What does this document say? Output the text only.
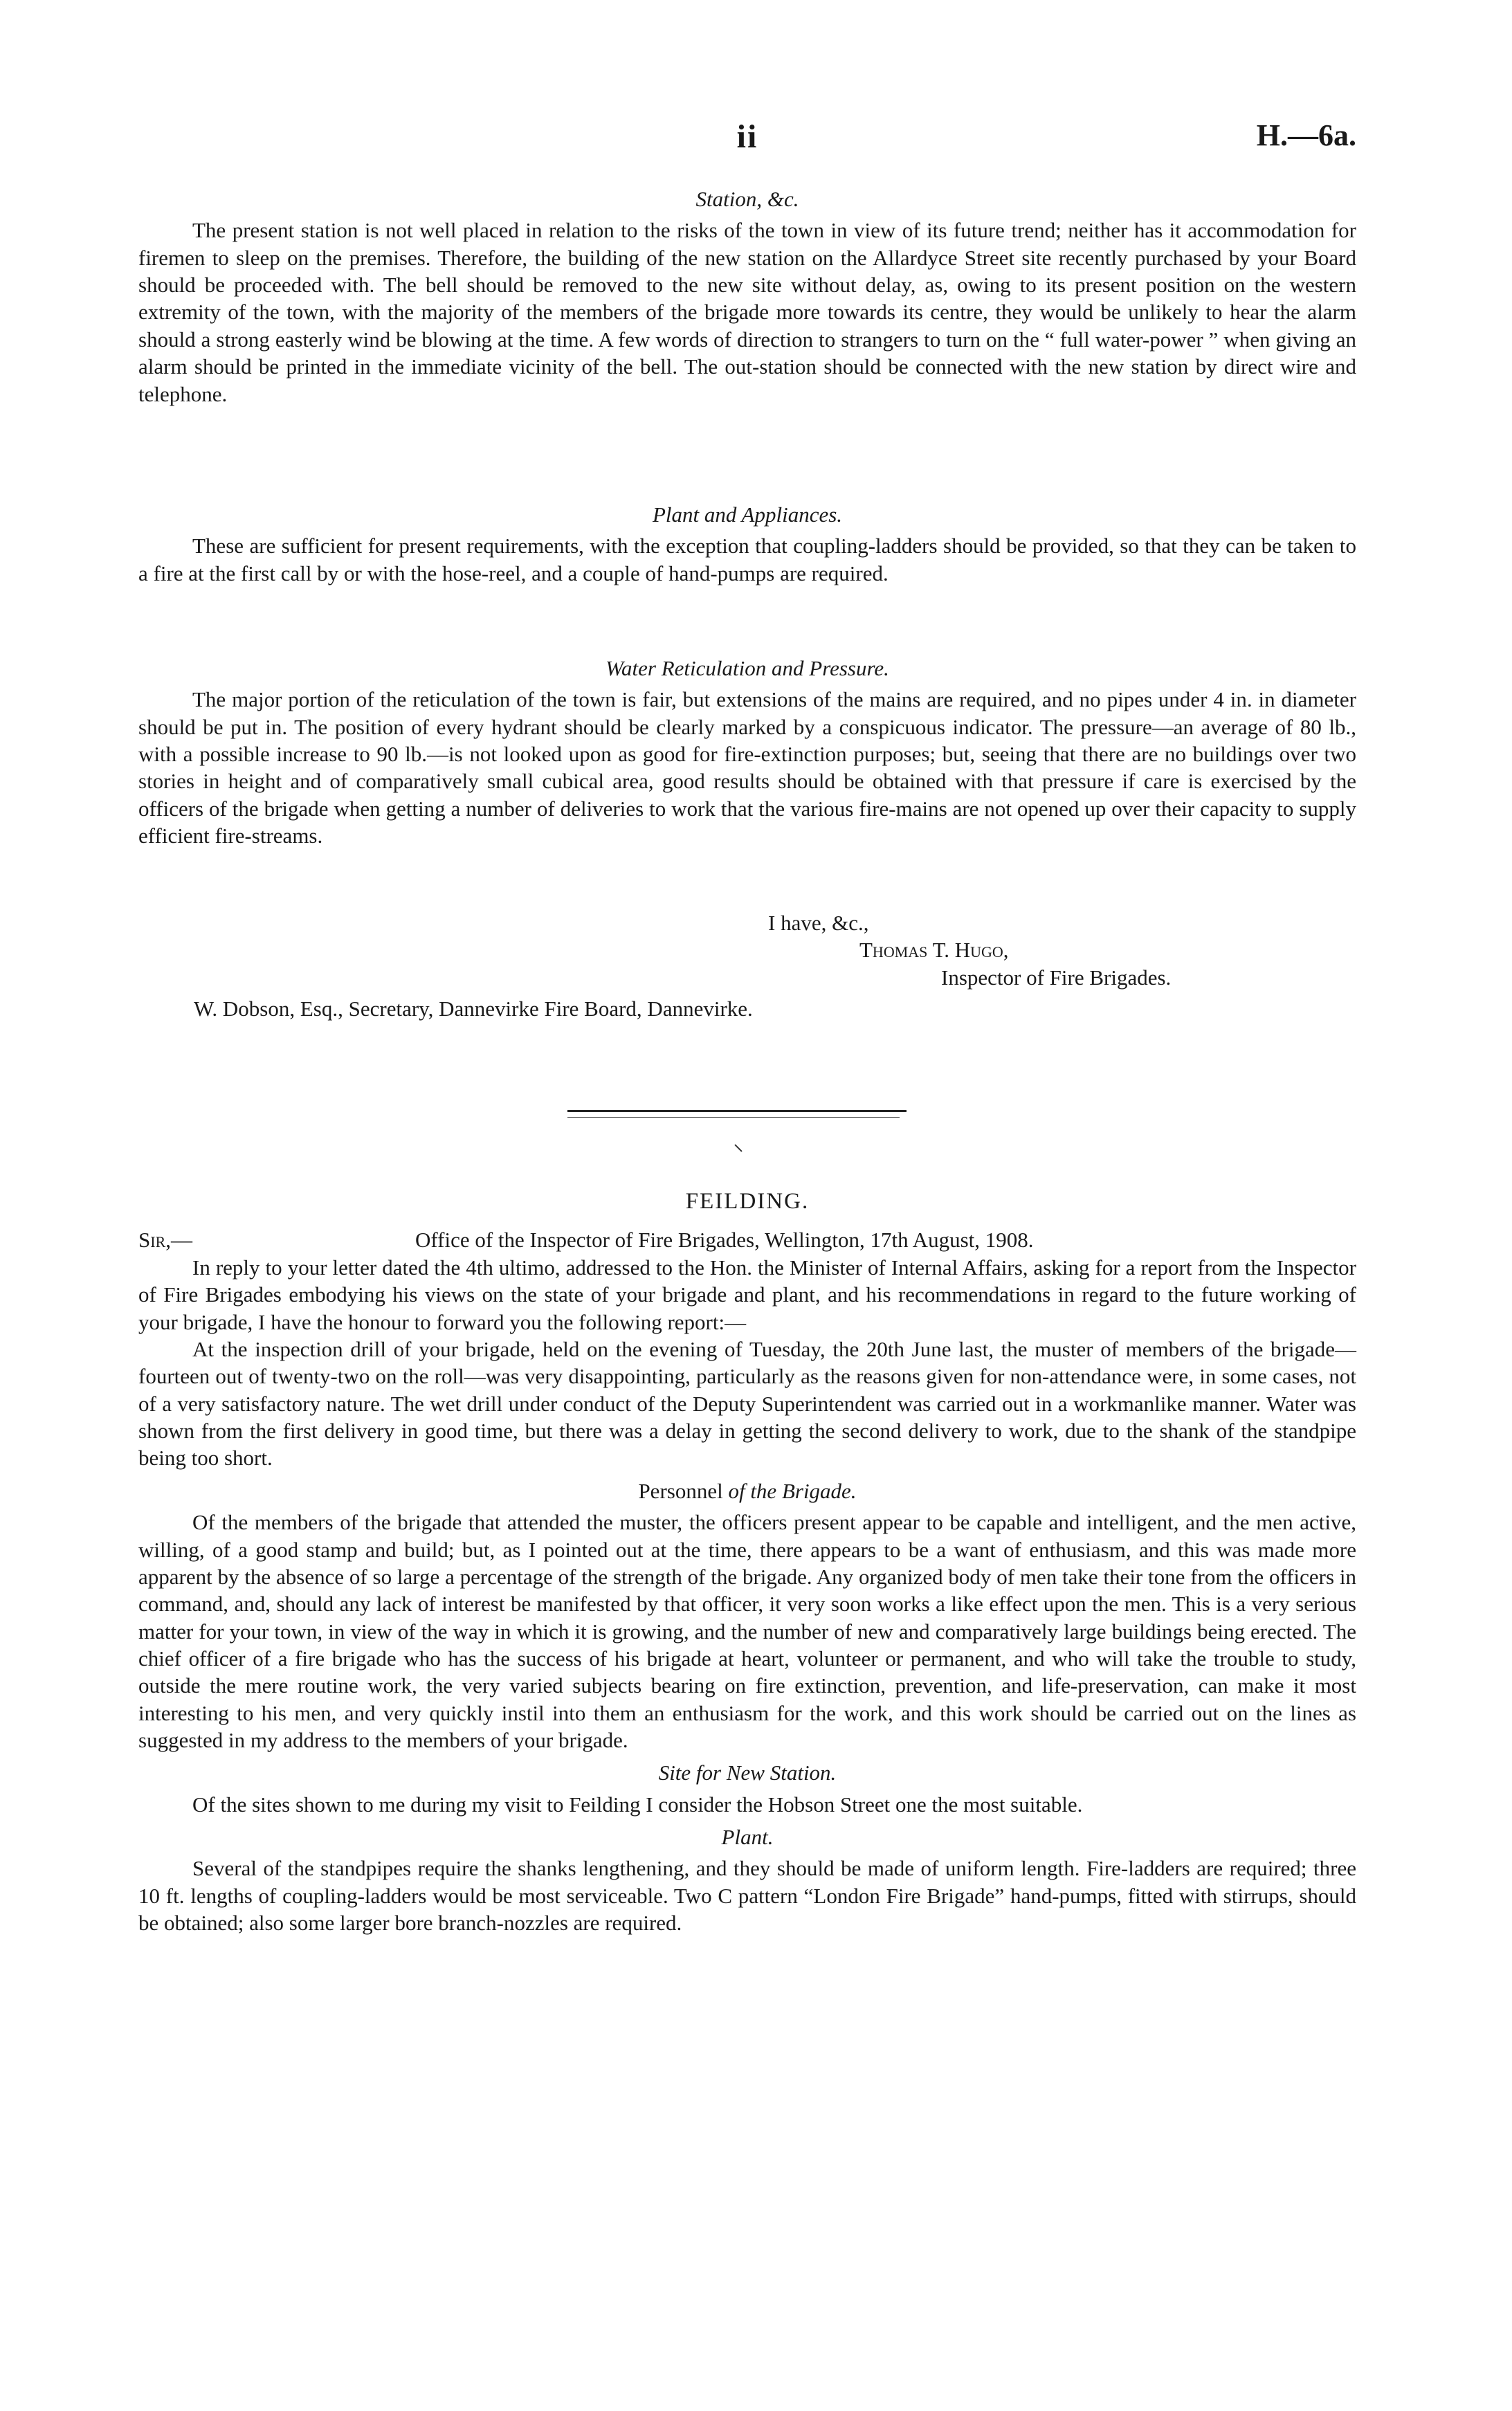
ii	H.—6a.
Station, &c.

The present station is not well placed in relation to the risks of the town in view of its future trend; neither has it accommodation for firemen to sleep on the premises. Therefore, the building of the new station on the Allardyce Street site recently purchased by your Board should be proceeded with. The bell should be removed to the new site without delay, as, owing to its present position on the western extremity of the town, with the majority of the members of the brigade more towards its centre, they would be unlikely to hear the alarm should a strong easterly wind be blowing at the time. A few words of direction to strangers to turn on the “ full water-power ” when giving an alarm should be printed in the immediate vicinity of the bell. The out-station should be connected with the new station by direct wire and telephone.

Plant and Appliances.

These are sufficient for present requirements, with the exception that coupling-ladders should be provided, so that they can be taken to a fire at the first call by or with the hose-reel, and a couple of hand-pumps are required.

Water Reticulation and Pressure.

The major portion of the reticulation of the town is fair, but extensions of the mains are required, and no pipes under 4 in. in diameter should be put in. The position of every hydrant should be clearly marked by a conspicuous indicator. The pressure—an average of 80 lb., with a possible increase to 90 lb.—is not looked upon as good for fire-extinction purposes; but, seeing that there are no buildings over two stories in height and of comparatively small cubical area, good results should be obtained with that pressure if care is exercised by the officers of the brigade when getting a number of deliveries to work that the various fire-mains are not opened up over their capacity to supply efficient fire-streams.

I have, &c.,
Thomas T. Hugo,
Inspector of Fire Brigades.
W. Dobson, Esq., Secretary, Dannevirke Fire Board, Dannevirke.
FEILDING.
Sir,—	Office of the Inspector of Fire Brigades, Wellington, 17th August, 1908.

In reply to your letter dated the 4th ultimo, addressed to the Hon. the Minister of Internal Affairs, asking for a report from the Inspector of Fire Brigades embodying his views on the state of your brigade and plant, and his recommendations in regard to the future working of your brigade, I have the honour to forward you the following report:—

At the inspection drill of your brigade, held on the evening of Tuesday, the 20th June last, the muster of members of the brigade—fourteen out of twenty-two on the roll—was very disappointing, particularly as the reasons given for non-attendance were, in some cases, not of a very satisfactory nature. The wet drill under conduct of the Deputy Superintendent was carried out in a workmanlike manner. Water was shown from the first delivery in good time, but there was a delay in getting the second delivery to work, due to the shank of the standpipe being too short.

Personnel of the Brigade.

Of the members of the brigade that attended the muster, the officers present appear to be capable and intelligent, and the men active, willing, of a good stamp and build; but, as I pointed out at the time, there appears to be a want of enthusiasm, and this was made more apparent by the absence of so large a percentage of the strength of the brigade. Any organized body of men take their tone from the officers in command, and, should any lack of interest be manifested by that officer, it very soon works a like effect upon the men. This is a very serious matter for your town, in view of the way in which it is growing, and the number of new and comparatively large buildings being erected. The chief officer of a fire brigade who has the success of his brigade at heart, volunteer or permanent, and who will take the trouble to study, outside the mere routine work, the very varied subjects bearing on fire extinction, prevention, and life-preservation, can make it most interesting to his men, and very quickly instil into them an enthusiasm for the work, and this work should be carried out on the lines as suggested in my address to the members of your brigade.

Site for New Station.

Of the sites shown to me during my visit to Feilding I consider the Hobson Street one the most suitable.

Plant.

Several of the standpipes require the shanks lengthening, and they should be made of uniform length. Fire-ladders are required; three 10 ft. lengths of coupling-ladders would be most serviceable. Two C pattern “London Fire Brigade” hand-pumps, fitted with stirrups, should be obtained; also some larger bore branch-nozzles are required.
